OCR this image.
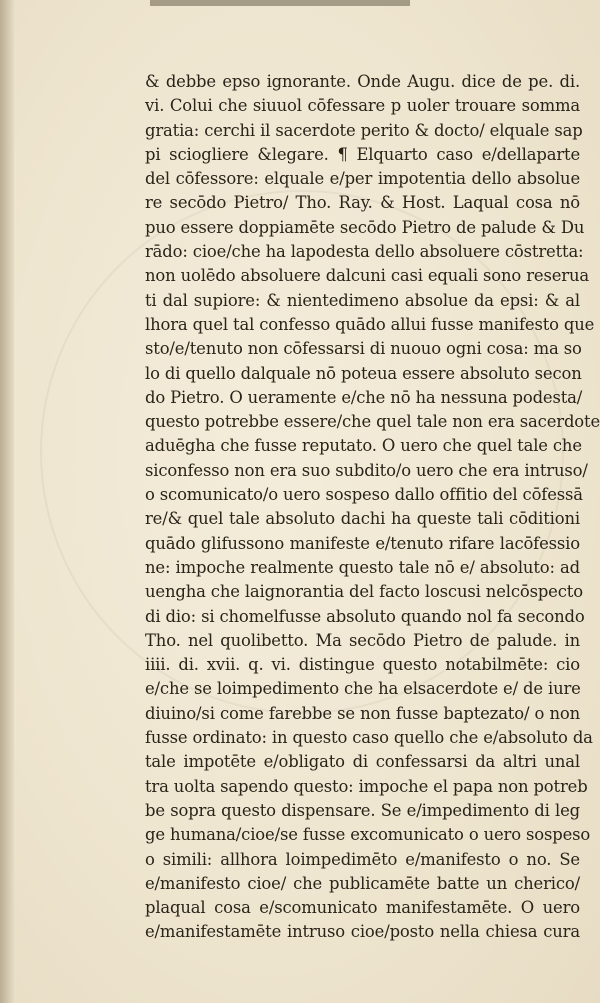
& debbe epso ignorante. Onde Augu. dice de pe. di.
vi. Colui che siuuol cōfessare p uoler trouare somma
gratia: cerchi il sacerdote perito & docto/ elquale sap
pi sciogliere &legare. ¶ Elquarto caso e/dellaparte
del cōfessore: elquale e/per impotentia dello absolue
re secōdo Pietro/ Tho. Ray. & Host. Laqual cosa nō
puo essere doppiamēte secōdo Pietro de palude & Du
rādo: cioe/che ha lapodesta dello absoluere cōstretta:
non uolēdo absoluere dalcuni casi equali sono reserua
ti dal supiore: & nientedimeno absolue da epsi: & al
lhora quel tal confesso quādo allui fusse manifesto que
sto/e/tenuto non cōfessarsi di nuouo ogni cosa: ma so
lo di quello dalquale nō poteua essere absoluto secon
do Pietro. O ueramente e/che nō ha nessuna podesta/
questo potrebbe essere/che quel tale non era sacerdote
aduēgha che fusse reputato. O uero che quel tale che
siconfesso non era suo subdito/o uero che era intruso/
o scomunicato/o uero sospeso dallo offitio del cōfessā
re/& quel tale absoluto dachi ha queste tali cōditioni
quādo glifussono manifeste e/tenuto rifare lacōfessio
ne: impoche realmente questo tale nō e/ absoluto: ad
uengha che laignorantia del facto loscusi nelcōspecto
di dio: si chomelfusse absoluto quando nol fa secondo
Tho. nel quolibetto. Ma secōdo Pietro de palude. in
iiii. di. xvii. q. vi. distingue questo notabilmēte: cio
e/che se loimpedimento che ha elsacerdote e/ de iure
diuino/si come farebbe se non fusse baptezato/ o non
fusse ordinato: in questo caso quello che e/absoluto da
tale impotēte e/obligato di confessarsi da altri unal
tra uolta sapendo questo: impoche el papa non potreb
be sopra questo dispensare. Se e/impedimento di leg
ge humana/cioe/se fusse excomunicato o uero sospeso
o simili: allhora loimpedimēto e/manifesto o no. Se
e/manifesto cioe/ che publicamēte batte un cherico/
plaqual cosa e/scomunicato manifestamēte. O uero
e/manifestamēte intruso cioe/posto nella chiesa cura
